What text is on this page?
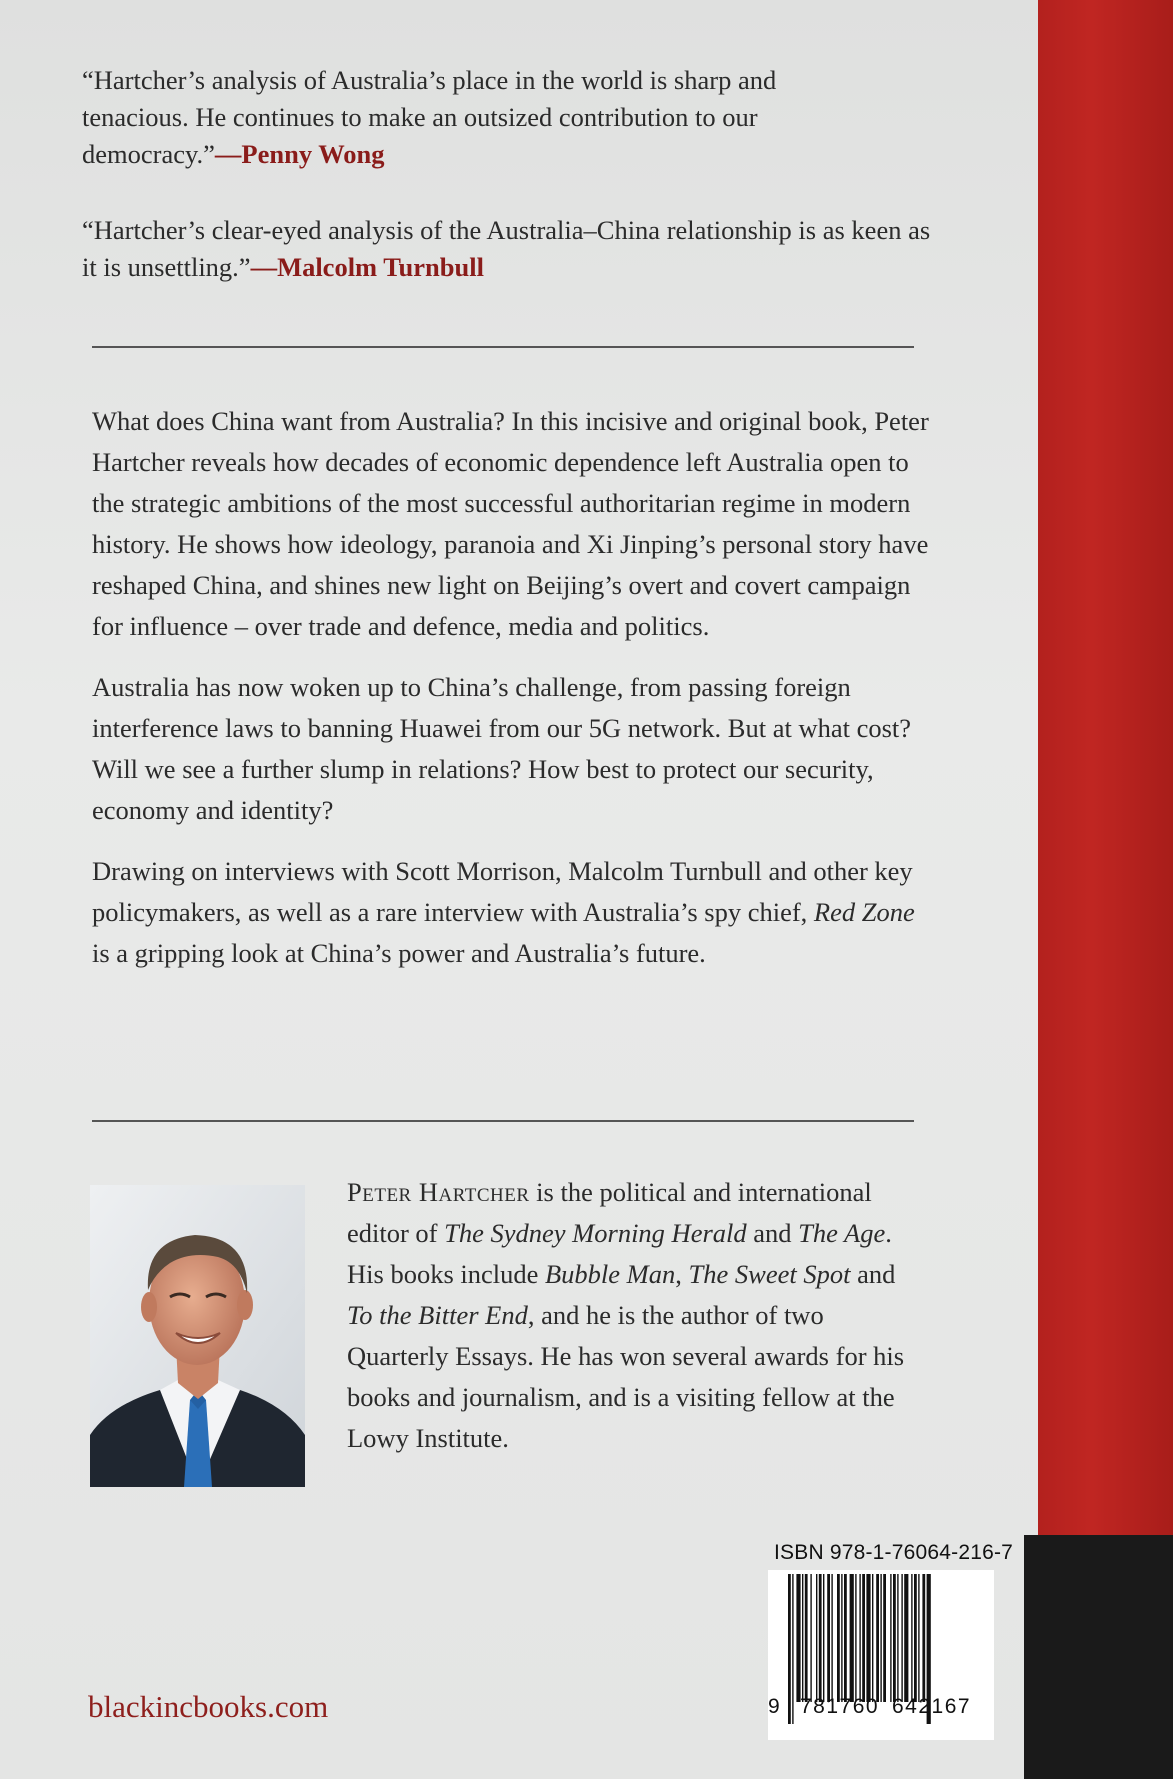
“Hartcher’s analysis of Australia’s place in the world is sharp and tenacious. He continues to make an outsized contribution to our democracy.”—Penny Wong
“Hartcher’s clear-eyed analysis of the Australia–China relationship is as keen as it is unsettling.”—Malcolm Turnbull

What does China want from Australia? In this incisive and original book, Peter Hartcher reveals how decades of economic dependence left Australia open to the strategic ambitions of the most successful authoritarian regime in modern history. He shows how ideology, paranoia and Xi Jinping’s personal story have reshaped China, and shines new light on Beijing’s overt and covert campaign for influence – over trade and defence, media and politics.

Australia has now woken up to China’s challenge, from passing foreign interference laws to banning Huawei from our 5G network. But at what cost? Will we see a further slump in relations? How best to protect our security, economy and identity?

Drawing on interviews with Scott Morrison, Malcolm Turnbull and other key policymakers, as well as a rare interview with Australia’s spy chief, Red Zone is a gripping look at China’s power and Australia’s future.

Peter Hartcher is the political and international editor of The Sydney Morning Herald and The Age. His books include Bubble Man, The Sweet Spot and To the Bitter End, and he is the author of two Quarterly Essays. He has won several awards for his books and journalism, and is a visiting fellow at the Lowy Institute.
ISBN 978-1-76064-216-7
9 781760 642167
blackincbooks.com
